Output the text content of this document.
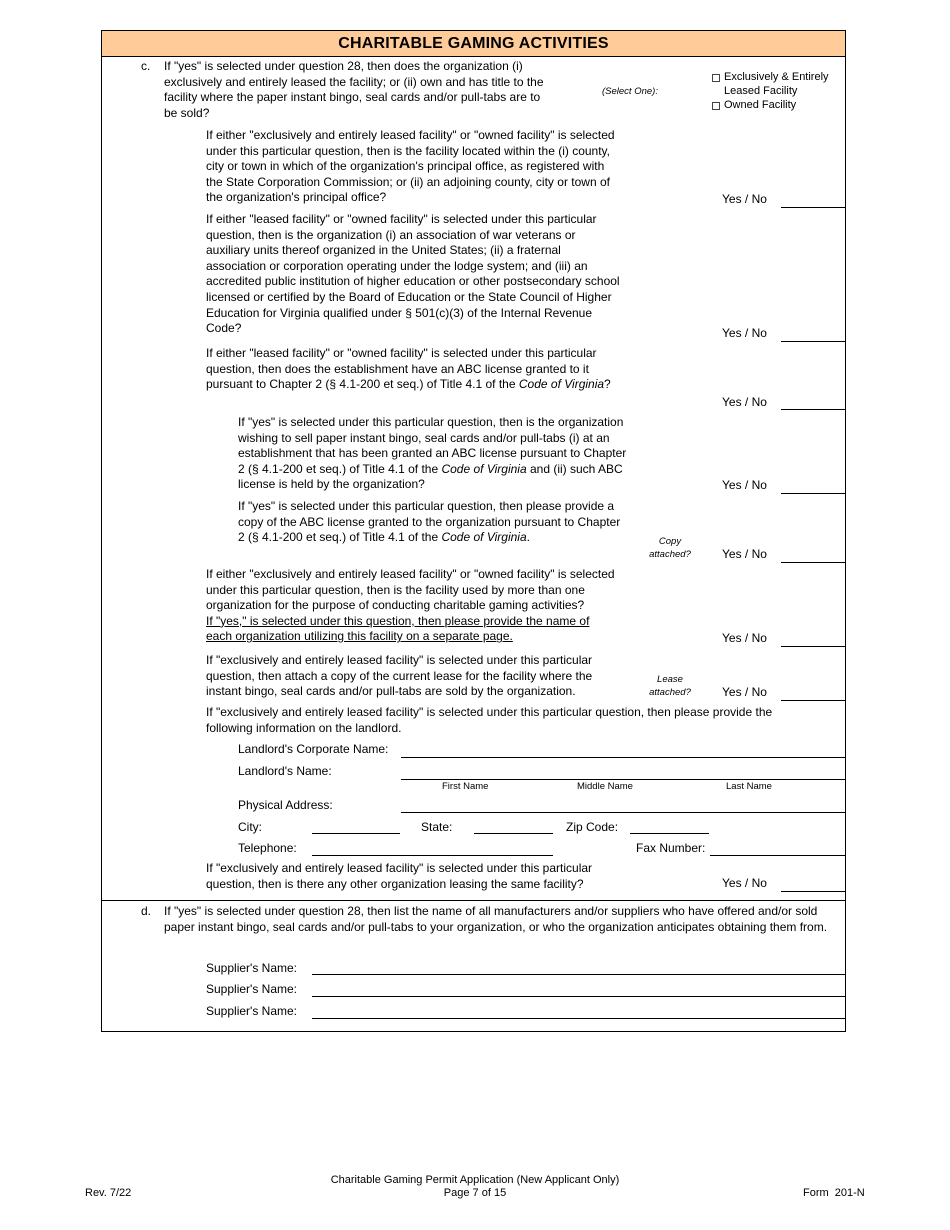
CHARITABLE GAMING ACTIVITIES
c. If "yes" is selected under question 28, then does the organization (i) exclusively and entirely leased the facility; or (ii) own and has title to the facility where the paper instant bingo, seal cards and/or pull-tabs are to be sold?
(Select One):
Exclusively & Entirely Leased Facility
Owned Facility
If either "exclusively and entirely leased facility" or "owned facility" is selected under this particular question, then is the facility located within the (i) county, city or town in which of the organization's principal office, as registered with the State Corporation Commission; or (ii) an adjoining county, city or town of the organization's principal office?	Yes / No
If either "leased facility" or "owned facility" is selected under this particular question, then is the organization (i) an association of war veterans or auxiliary units thereof organized in the United States; (ii) a fraternal association or corporation operating under the lodge system; and (iii) an accredited public institution of higher education or other postsecondary school licensed or certified by the Board of Education or the State Council of Higher Education for Virginia qualified under § 501(c)(3) of the Internal Revenue Code?	Yes / No
If either "leased facility" or "owned facility" is selected under this particular question, then does the establishment have an ABC license granted to it pursuant to Chapter 2 (§ 4.1-200 et seq.) of Title 4.1 of the Code of Virginia?
Yes / No
If "yes" is selected under this particular question, then is the organization wishing to sell paper instant bingo, seal cards and/or pull-tabs (i) at an establishment that has been granted an ABC license pursuant to Chapter 2 (§ 4.1-200 et seq.) of Title 4.1 of the Code of Virginia and (ii) such ABC license is held by the organization?	Yes / No
If "yes" is selected under this particular question, then please provide a copy of the ABC license granted to the organization pursuant to Chapter 2 (§ 4.1-200 et seq.) of Title 4.1 of the Code of Virginia.	Copy attached?	Yes / No
If either "exclusively and entirely leased facility" or "owned facility" is selected under this particular question, then is the facility used by more than one organization for the purpose of conducting charitable gaming activities?
If "yes," is selected under this question, then please provide the name of
each organization utilizing this facility on a separate page.	Yes / No
If "exclusively and entirely leased facility" is selected under this particular question, then attach a copy of the current lease for the facility where the instant bingo, seal cards and/or pull-tabs are sold by the organization.
Lease attached?	Yes / No
If "exclusively and entirely leased facility" is selected under this particular question, then please provide the following information on the landlord.
Landlord's Corporate Name:
Landlord's Name:
First Name	Middle Name	Last Name
Physical Address:
City:	State:	Zip Code:
Telephone:	Fax Number:
If "exclusively and entirely leased facility" is selected under this particular question, then is there any other organization leasing the same facility?	Yes / No
d. If "yes" is selected under question 28, then list the name of all manufacturers and/or suppliers who have offered and/or sold paper instant bingo, seal cards and/or pull-tabs to your organization, or who the organization anticipates obtaining them from.
Supplier's Name:
Supplier's Name:
Supplier's Name:
Rev. 7/22
Charitable Gaming Permit Application (New Applicant Only)
Page 7 of 15	Form  201-N
